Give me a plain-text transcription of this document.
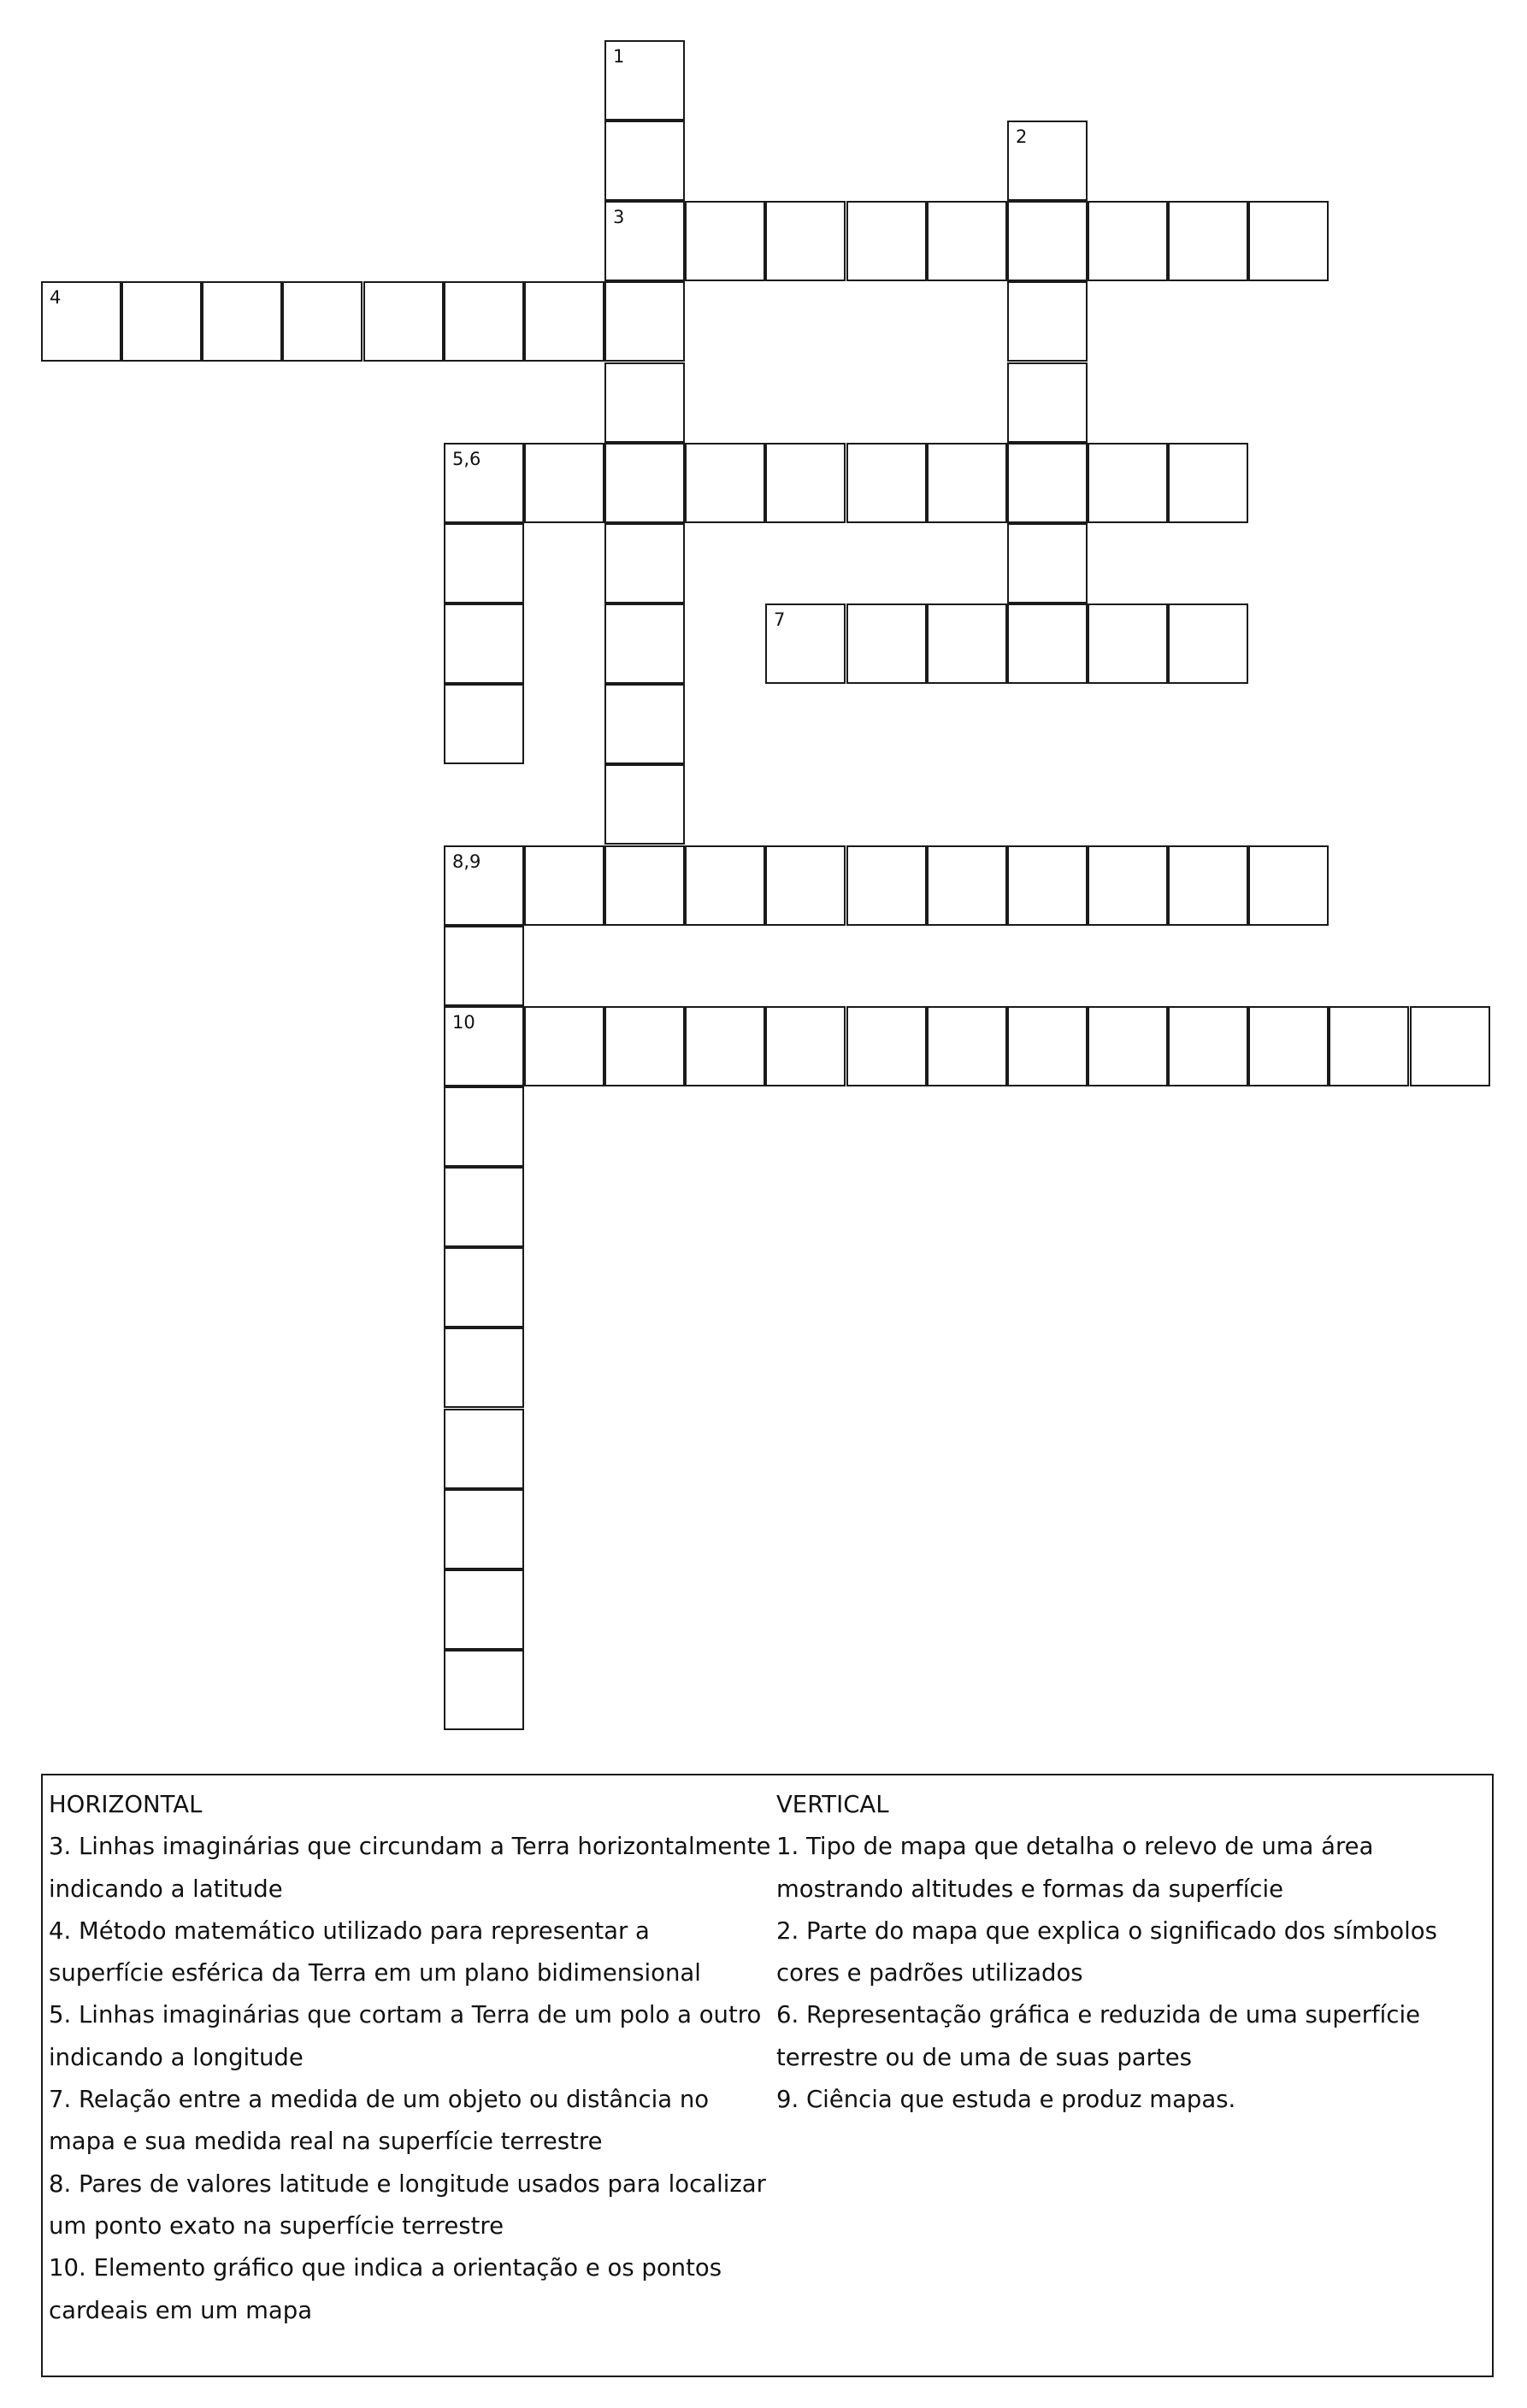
1
2
3
4
5,6
7
8,9
10
HORIZONTAL
3. Linhas imaginárias que circundam a Terra horizontalmente indicando a latitude
4. Método matemático utilizado para representar a superfície esférica da Terra em um plano bidimensional
5. Linhas imaginárias que cortam a Terra de um polo a outro indicando a longitude
7. Relação entre a medida de um objeto ou distância no mapa e sua medida real na superfície terrestre
8. Pares de valores latitude e longitude usados para localizar um ponto exato na superfície terrestre
10. Elemento gráfico que indica a orientação e os pontos cardeais em um mapa
VERTICAL
1. Tipo de mapa que detalha o relevo de uma área mostrando altitudes e formas da superfície
2. Parte do mapa que explica o significado dos símbolos cores e padrões utilizados
6. Representação gráfica e reduzida de uma superfície terrestre ou de uma de suas partes
9. Ciência que estuda e produz mapas.
